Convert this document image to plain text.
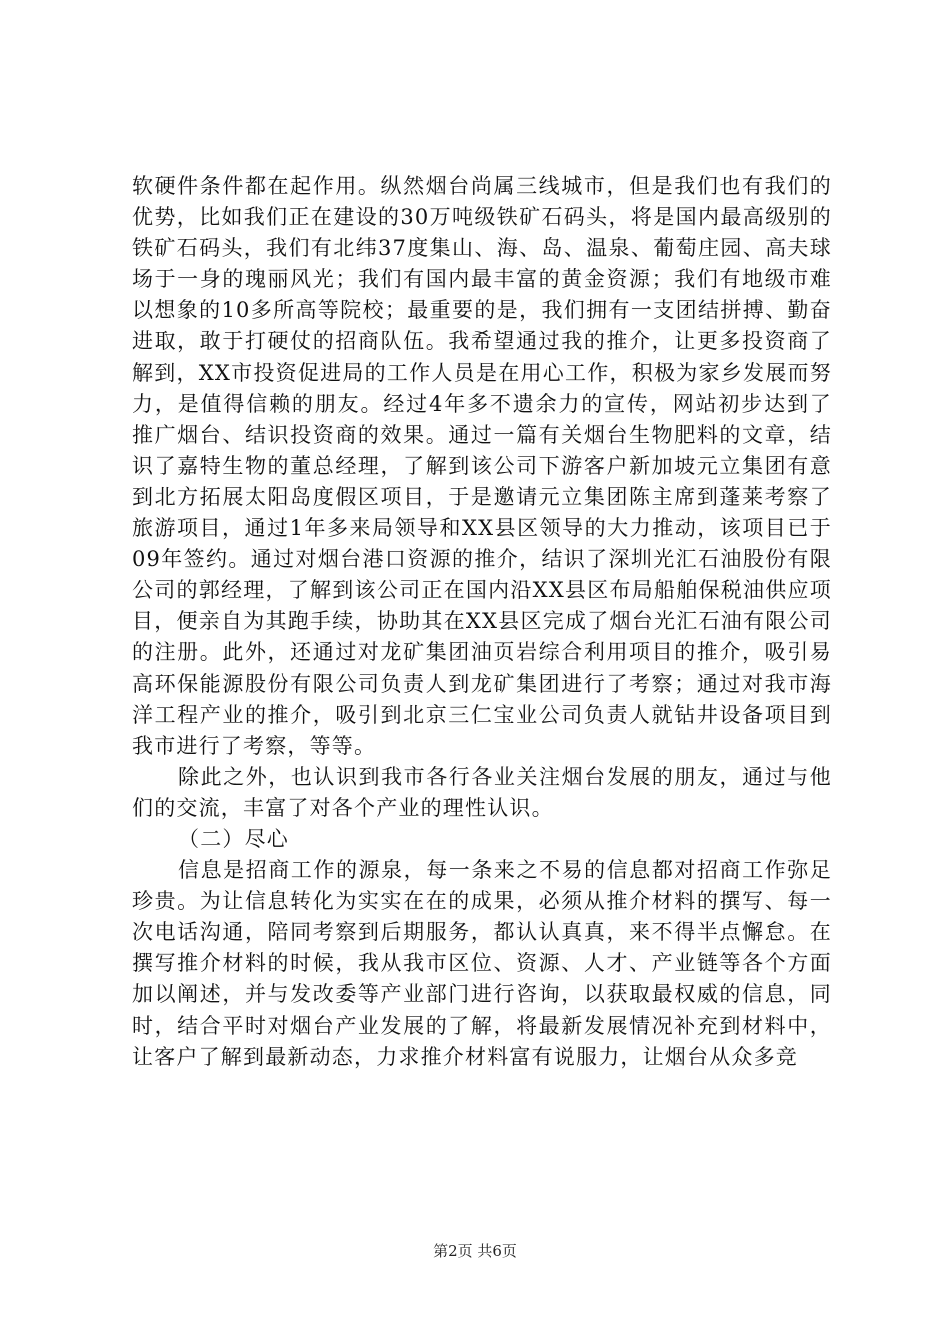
软硬件条件都在起作用。纵然烟台尚属三线城市，但是我们也有我们的优势，比如我们正在建设的30万吨级铁矿石码头，将是国内最高级别的铁矿石码头，我们有北纬37度集山、海、岛、温泉、葡萄庄园、高夫球场于一身的瑰丽风光；我们有国内最丰富的黄金资源；我们有地级市难以想象的10多所高等院校；最重要的是，我们拥有一支团结拼搏、勤奋进取，敢于打硬仗的招商队伍。我希望通过我的推介，让更多投资商了解到，XX市投资促进局的工作人员是在用心工作，积极为家乡发展而努力，是值得信赖的朋友。经过4年多不遗余力的宣传，网站初步达到了推广烟台、结识投资商的效果。通过一篇有关烟台生物肥料的文章，结识了嘉特生物的董总经理，了解到该公司下游客户新加坡元立集团有意到北方拓展太阳岛度假区项目，于是邀请元立集团陈主席到蓬莱考察了旅游项目，通过1年多来局领导和XX县区领导的大力推动，该项目已于09年签约。通过对烟台港口资源的推介，结识了深圳光汇石油股份有限公司的郭经理，了解到该公司正在国内沿XX县区布局船舶保税油供应项目，便亲自为其跑手续，协助其在XX县区完成了烟台光汇石油有限公司的注册。此外，还通过对龙矿集团油页岩综合利用项目的推介，吸引易高环保能源股份有限公司负责人到龙矿集团进行了考察；通过对我市海洋工程产业的推介，吸引到北京三仁宝业公司负责人就钻井设备项目到我市进行了考察，等等。

除此之外，也认识到我市各行各业关注烟台发展的朋友，通过与他们的交流，丰富了对各个产业的理性认识。

（二）尽心

信息是招商工作的源泉，每一条来之不易的信息都对招商工作弥足珍贵。为让信息转化为实实在在的成果，必须从推介材料的撰写、每一次电话沟通，陪同考察到后期服务，都认认真真，来不得半点懈怠。在撰写推介材料的时候，我从我市区位、资源、人才、产业链等各个方面加以阐述，并与发改委等产业部门进行咨询，以获取最权威的信息，同时，结合平时对烟台产业发展的了解，将最新发展情况补充到材料中，让客户了解到最新动态，力求推介材料富有说服力，让烟台从众多竞

第2页 共6页
